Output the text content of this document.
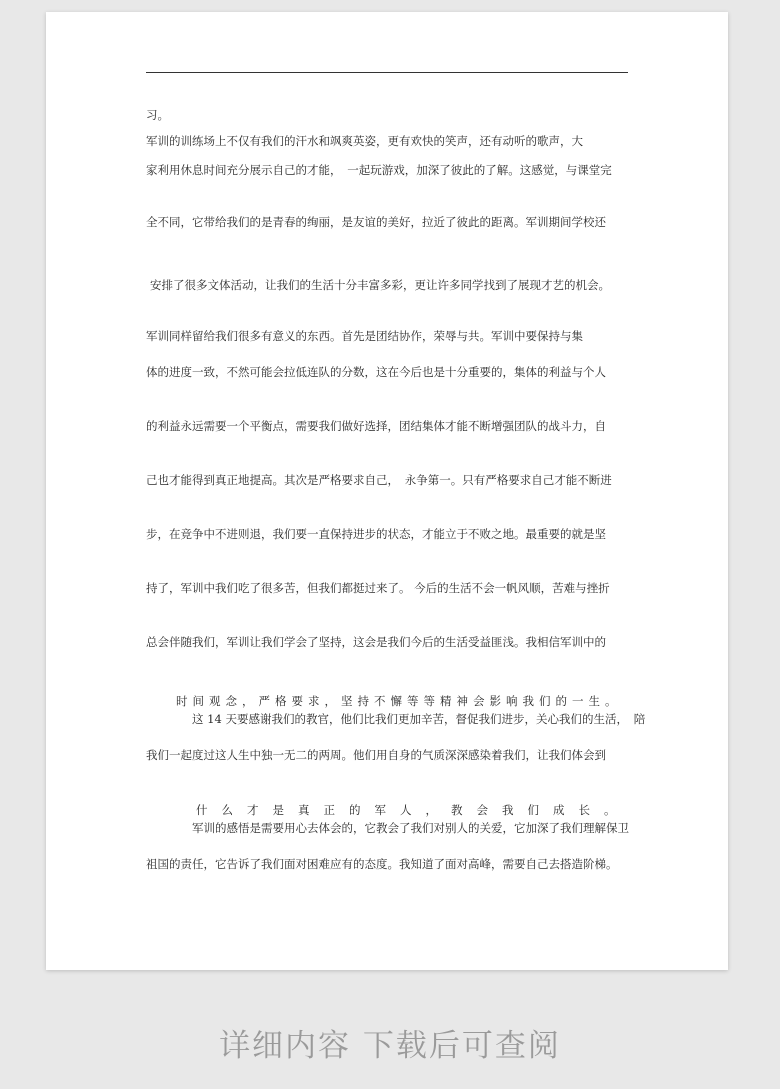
习。
军训的训练场上不仅有我们的汗水和飒爽英姿，更有欢快的笑声，还有动听的歌声，大
家利用休息时间充分展示自己的才能，　一起玩游戏，加深了彼此的了解。这感觉，与课堂完
全不同，它带给我们的是青春的绚丽，是友谊的美好，拉近了彼此的距离。军训期间学校还
安排了很多文体活动，让我们的生活十分丰富多彩，更让许多同学找到了展现才艺的机会。
军训同样留给我们很多有意义的东西。首先是团结协作，荣辱与共。军训中要保持与集
体的进度一致，不然可能会拉低连队的分数，这在今后也是十分重要的，集体的利益与个人
的利益永远需要一个平衡点，需要我们做好选择，团结集体才能不断增强团队的战斗力，自
己也才能得到真正地提高。其次是严格要求自己，　永争第一。只有严格要求自己才能不断进
步，在竞争中不进则退，我们要一直保持进步的状态，才能立于不败之地。最重要的就是坚
持了，军训中我们吃了很多苦，但我们都挺过来了。 今后的生活不会一帆风顺，苦难与挫折
总会伴随我们，军训让我们学会了坚持，这会是我们今后的生活受益匪浅。我相信军训中的
时间观念，严格要求，坚持不懈等等精神会影响我们的一生。
这 14 天要感谢我们的教官，他们比我们更加辛苦，督促我们进步，关心我们的生活，　陪
我们一起度过这人生中独一无二的两周。他们用自身的气质深深感染着我们，让我们体会到
什么才是真正的军人，教会我们成长。
军训的感悟是需要用心去体会的，它教会了我们对别人的关爱，它加深了我们理解保卫
祖国的责任，它告诉了我们面对困难应有的态度。我知道了面对高峰，需要自己去搭造阶梯。
详细内容 下载后可查阅
